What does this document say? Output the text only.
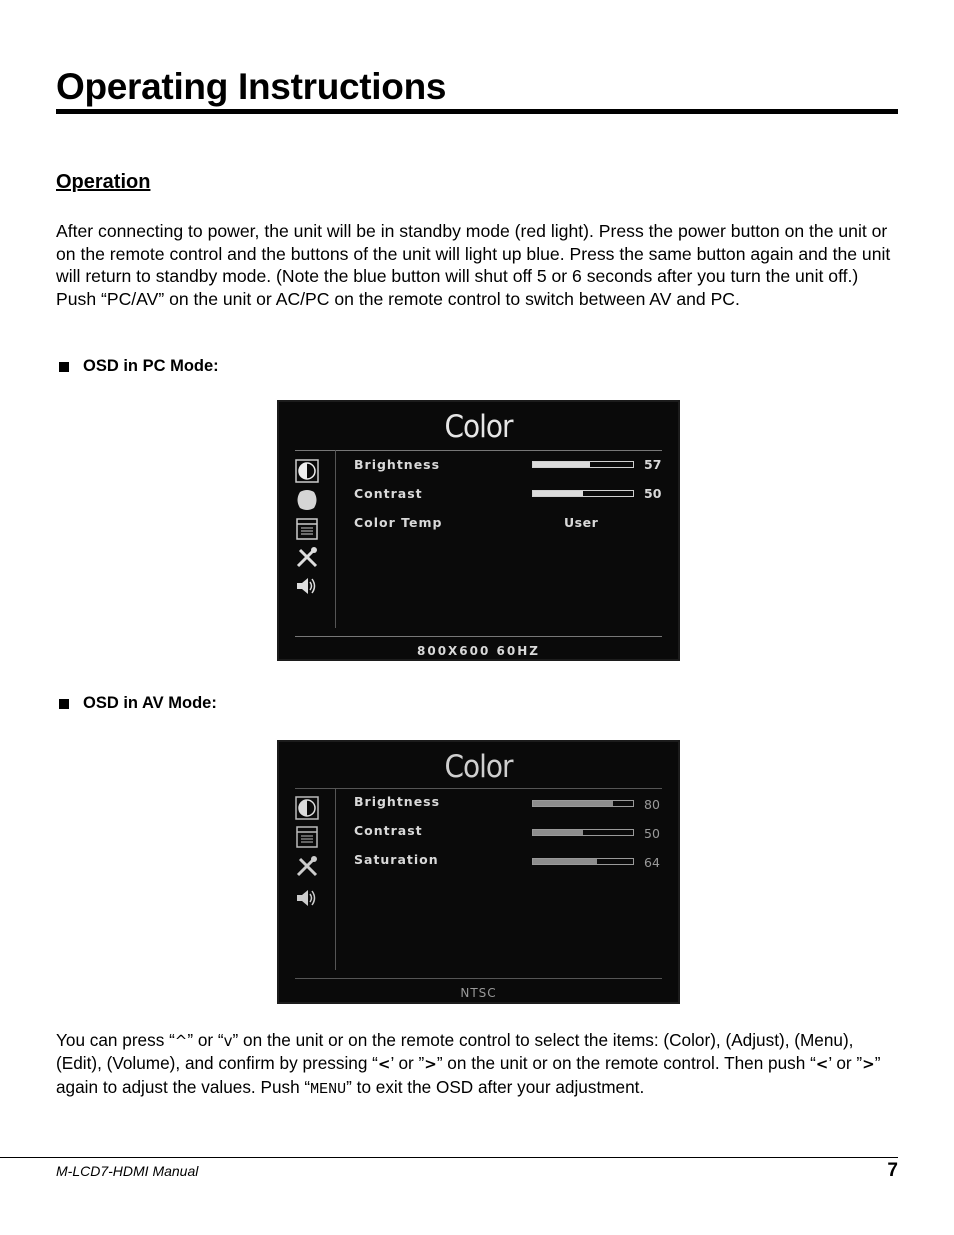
Operating Instructions
Operation

After connecting to power, the unit will be in standby mode (red light). Press the power button on the unit or on the remote control and the buttons of the unit will light up blue. Press the same button again and the unit will return to standby mode. (Note the blue button will shut off 5 or 6 seconds after you turn the unit off.) Push “PC/AV” on the unit or AC/PC on the remote control to switch between AV and PC.

OSD in PC Mode:
Color
Brightness	57
Contrast	50
Color Temp	User
800X600 60HZ
OSD in AV Mode:
Color
Brightness	80
Contrast	50
Saturation	64
NTSC

You can press “^” or “v” on the unit or on the remote control to select the items: (Color), (Adjust), (Menu), (Edit), (Volume), and confirm by pressing “<’ or ”>” on the unit or on the remote control. Then push “<’ or ”>” again to adjust the values. Push “MENU” to exit the OSD after your adjustment.

M-LCD7-HDMI Manual	7
